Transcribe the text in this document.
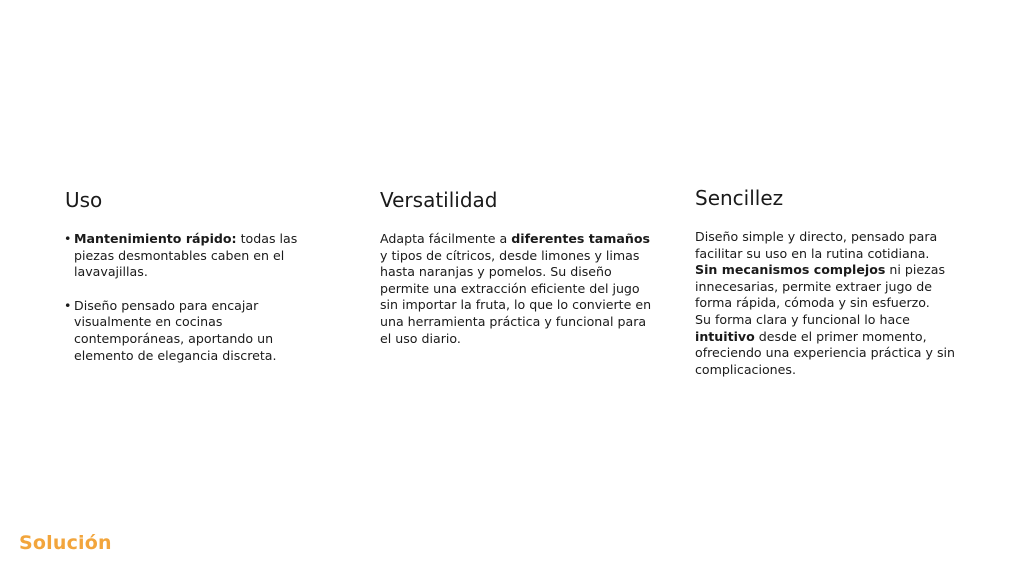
Uso
• Mantenimiento rápido: todas las piezas desmontables caben en el lavavajillas.
• Diseño pensado para encajar visualmente en cocinas contemporáneas, aportando un elemento de elegancia discreta.
Versatilidad

Adapta fácilmente a diferentes tamaños y tipos de cítricos, desde limones y limas hasta naranjas y pomelos. Su diseño permite una extracción eficiente del jugo sin importar la fruta, lo que lo convierte en una herramienta práctica y funcional para el uso diario.

Sencillez

Diseño simple y directo, pensado para facilitar su uso en la rutina cotidiana.
Sin mecanismos complejos ni piezas innecesarias, permite extraer jugo de forma rápida, cómoda y sin esfuerzo.
Su forma clara y funcional lo hace intuitivo desde el primer momento, ofreciendo una experiencia práctica y sin complicaciones.

Solución
